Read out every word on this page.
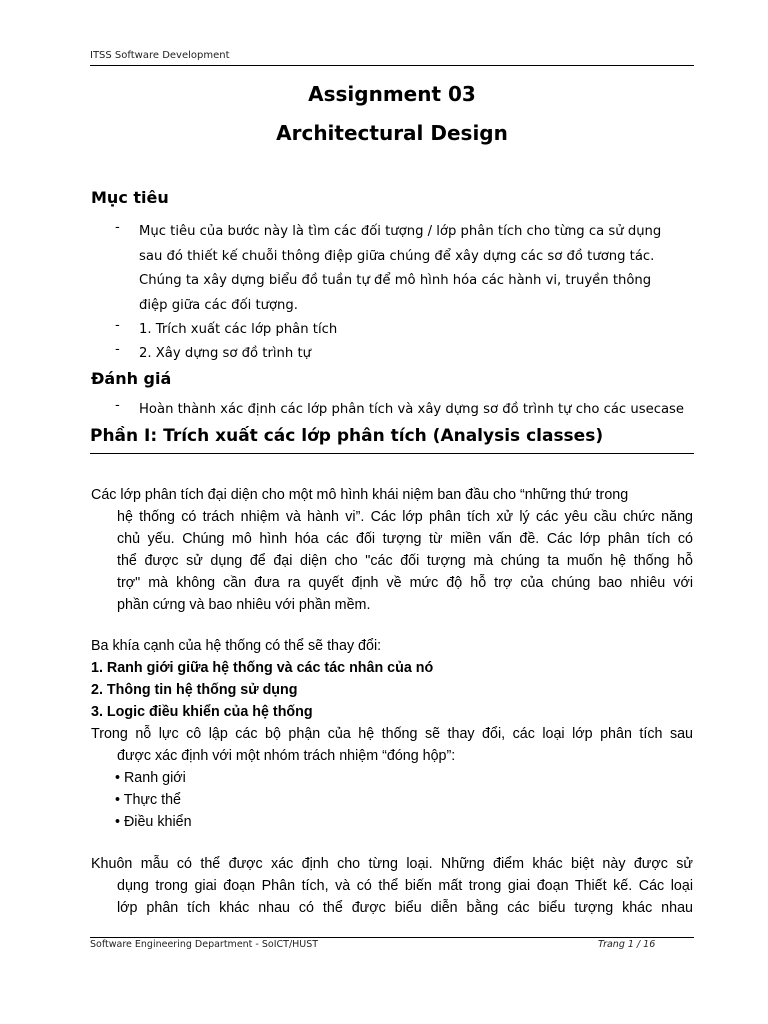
ITSS Software Development
Assignment 03
Architectural Design
Mục tiêu
- Mục tiêu của bước này là tìm các đối tượng / lớp phân tích cho từng ca sử dụng
sau đó thiết kế chuỗi thông điệp giữa chúng để xây dựng các sơ đồ tương tác.
Chúng ta xây dựng biểu đồ tuần tự để mô hình hóa các hành vi, truyền thông
điệp giữa các đối tượng.
- 1. Trích xuất các lớp phân tích
- 2. Xây dựng sơ đồ trình tự
Đánh giá
- Hoàn thành xác định các lớp phân tích và xây dựng sơ đồ trình tự cho các usecase
Phần I: Trích xuất các lớp phân tích (Analysis classes)
Các lớp phân tích đại diện cho một mô hình khái niệm ban đầu cho “những thứ trong
hệ thống có trách nhiệm và hành vi”. Các lớp phân tích xử lý các yêu cầu chức năng
chủ yếu. Chúng mô hình hóa các đối tượng từ miền vấn đề. Các lớp phân tích có
thể được sử dụng để đại diện cho "các đối tượng mà chúng ta muốn hệ thống hỗ
trợ" mà không cần đưa ra quyết định về mức độ hỗ trợ của chúng bao nhiêu với
phần cứng và bao nhiêu với phần mềm.
Ba khía cạnh của hệ thống có thể sẽ thay đổi:
1. Ranh giới giữa hệ thống và các tác nhân của nó
2. Thông tin hệ thống sử dụng
3. Logic điều khiển của hệ thống
Trong nỗ lực cô lập các bộ phận của hệ thống sẽ thay đổi, các loại lớp phân tích sau
được xác định với một nhóm trách nhiệm “đóng hộp”:
• Ranh giới
• Thực thể
• Điều khiển
Khuôn mẫu có thể được xác định cho từng loại. Những điểm khác biệt này được sử
dụng trong giai đoạn Phân tích, và có thể biến mất trong giai đoạn Thiết kế. Các loại
lớp phân tích khác nhau có thể được biểu diễn bằng các biểu tượng khác nhau
Software Engineering Department - SoICT/HUST	Trang 1 / 16
